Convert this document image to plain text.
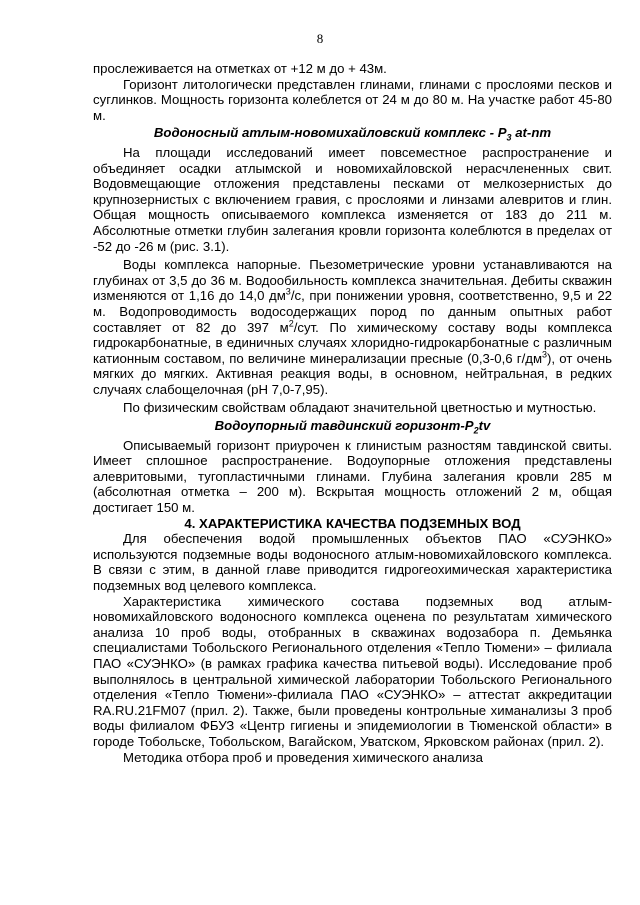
8

прослеживается на отметках от +12 м до + 43м.

Горизонт литологически представлен глинами, глинами с прослоями песков и суглинков. Мощность горизонта колеблется от 24 м до 80 м. На участке работ 45-80 м.

Водоносный атлым-новомихайловский комплекс - $Р_3$ at-nm

На площади исследований имеет повсеместное распространение и объединяет осадки атлымской и новомихайловской нерасчлененных свит. Водовмещающие отложения представлены песками от мелкозернистых до крупнозернистых с включением гравия, с прослоями и линзами алевритов и глин. Общая мощность описываемого комплекса изменяется от 183 до 211 м. Абсолютные отметки глубин залегания кровли горизонта колеблются в пределах от -52 до -26 м (рис. 3.1).

Воды комплекса напорные. Пьезометрические уровни устанавливаются на глубинах от 3,5 до 36 м. Водообильность комплекса значительная. Дебиты скважин изменяются от 1,16 до 14,0 $дм^3/с$, при понижении уровня, соответственно, 9,5 и 22 м. Водопроводимость водосодержащих пород по данным опытных работ составляет от 82 до 397 $м^2$/сут. По химическому составу воды комплекса гидрокарбонатные, в единичных случаях хлоридно-гидрокарбонатные с различным катионным составом, по величине минерализации пресные (0,3-0,6 $г/дм^3$), от очень мягких до мягких. Активная реакция воды, в основном, нейтральная, в редких случаях слабощелочная (рН 7,0-7,95).

По физическим свойствам обладают значительной цветностью и мутностью.

Водоупорный тавдинский горизонт-$Р_2tv$

Описываемый горизонт приурочен к глинистым разностям тавдинской свиты. Имеет сплошное распространение. Водоупорные отложения представлены алевритовыми, тугопластичными глинами. Глубина залегания кровли 285 м (абсолютная отметка – 200 м). Вскрытая мощность отложений 2 м, общая достигает 150 м.

4. ХАРАКТЕРИСТИКА КАЧЕСТВА ПОДЗЕМНЫХ ВОД

Для обеспечения водой промышленных объектов ПАО «СУЭНКО» используются подземные воды водоносного атлым-новомихайловского комплекса. В связи с этим, в данной главе приводится гидрогеохимическая характеристика подземных вод целевого комплекса.

Характеристика химического состава подземных вод атлым-новомихайловского водоносного комплекса оценена по результатам химического анализа 10 проб воды, отобранных в скважинах водозабора п. Демьянка специалистами Тобольского Регионального отделения «Тепло Тюмени» – филиала ПАО «СУЭНКО» (в рамках графика качества питьевой воды). Исследование проб выполнялось в центральной химической лаборатории Тобольского Регионального отделения «Тепло Тюмени»-филиала ПАО «СУЭНКО» – аттестат аккредитации RA.RU.21FM07 (прил. 2). Также, были проведены контрольные химанализы 3 проб воды филиалом ФБУЗ «Центр гигиены и эпидемиологии в Тюменской области» в городе Тобольске, Тобольском, Вагайском, Уватском, Ярковском районах (прил. 2).

Методика отбора проб и проведения химического анализа
